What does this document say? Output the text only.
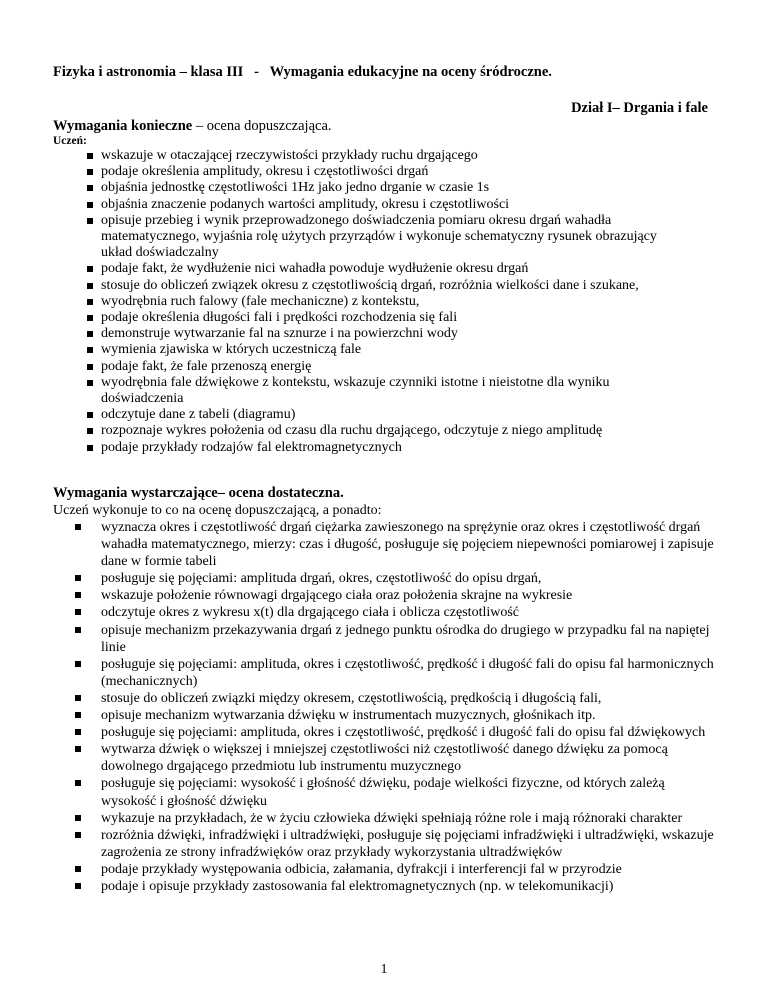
Fizyka i astronomia – klasa III   -   Wymagania edukacyjne na oceny śródroczne.
Dział I– Drgania i fale
Wymagania konieczne – ocena dopuszczająca.
Uczeń:
wskazuje w otaczającej rzeczywistości przykłady ruchu drgającego
podaje określenia amplitudy, okresu i częstotliwości drgań
objaśnia jednostkę częstotliwości 1Hz jako jedno drganie w czasie 1s
objaśnia znaczenie podanych wartości amplitudy, okresu i częstotliwości
opisuje przebieg i wynik przeprowadzonego doświadczenia pomiaru okresu drgań wahadła matematycznego, wyjaśnia rolę użytych przyrządów i wykonuje schematyczny rysunek obrazujący układ doświadczalny
podaje fakt, że wydłużenie nici wahadła powoduje wydłużenie okresu drgań
stosuje do obliczeń związek okresu z częstotliwością drgań, rozróżnia wielkości dane i szukane,
wyodrębnia ruch falowy (fale mechaniczne) z kontekstu,
podaje określenia długości fali i prędkości rozchodzenia się fali
demonstruje wytwarzanie fal na sznurze i na powierzchni wody
wymienia zjawiska w których uczestniczą fale
podaje fakt, że fale przenoszą energię
wyodrębnia fale dźwiękowe z kontekstu, wskazuje czynniki istotne i nieistotne dla wyniku doświadczenia
odczytuje dane z tabeli (diagramu)
rozpoznaje wykres położenia od czasu dla ruchu drgającego, odczytuje z niego amplitudę
podaje przykłady rodzajów fal elektromagnetycznych
Wymagania wystarczające– ocena dostateczna.
Uczeń wykonuje to co na ocenę dopuszczającą, a ponadto:
wyznacza okres i częstotliwość drgań ciężarka zawieszonego na sprężynie oraz okres i częstotliwość drgań wahadła matematycznego, mierzy: czas i długość, posługuje się pojęciem niepewności pomiarowej i zapisuje dane w formie tabeli
posługuje się pojęciami: amplituda drgań, okres, częstotliwość do opisu drgań,
wskazuje położenie równowagi drgającego ciała oraz położenia skrajne na wykresie
odczytuje okres z wykresu x(t) dla drgającego ciała i oblicza częstotliwość
opisuje mechanizm przekazywania drgań z jednego punktu ośrodka do drugiego w przypadku fal na napiętej linie
posługuje się pojęciami: amplituda, okres i częstotliwość, prędkość i długość fali do opisu fal harmonicznych (mechanicznych)
stosuje do obliczeń związki między okresem, częstotliwością, prędkością i długością fali,
opisuje mechanizm wytwarzania dźwięku w instrumentach muzycznych, głośnikach itp.
posługuje się pojęciami: amplituda, okres i częstotliwość, prędkość i długość fali do opisu fal dźwiękowych
wytwarza dźwięk o większej i mniejszej częstotliwości niż częstotliwość danego dźwięku za pomocą dowolnego drgającego przedmiotu lub instrumentu muzycznego
posługuje się pojęciami: wysokość i głośność dźwięku, podaje wielkości fizyczne, od których zależą wysokość i głośność dźwięku
wykazuje na przykładach, że w życiu człowieka dźwięki spełniają różne role i mają różnoraki charakter
rozróżnia dźwięki, infradźwięki i ultradźwięki, posługuje się pojęciami infradźwięki i ultradźwięki, wskazuje zagrożenia ze strony infradźwięków oraz przykłady wykorzystania ultradźwięków
podaje przykłady występowania odbicia, załamania, dyfrakcji i interferencji fal w przyrodzie
podaje i opisuje przykłady zastosowania fal elektromagnetycznych (np. w telekomunikacji)
1
